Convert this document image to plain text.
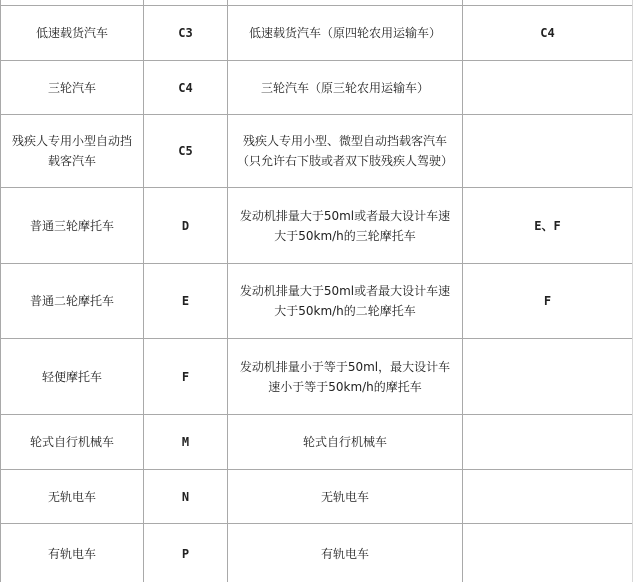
低速载货汽车	C3	低速载货汽车（原四轮农用运输车）	C4
三轮汽车	C4	三轮汽车（原三轮农用运输车）	
残疾人专用小型自动挡载客汽车	C5	残疾人专用小型、微型自动挡载客汽车（只允许右下肢或者双下肢残疾人驾驶）	
普通三轮摩托车	D	发动机排量大于50ml或者最大设计车速大于50km/h的三轮摩托车	E、F
普通二轮摩托车	E	发动机排量大于50ml或者最大设计车速大于50km/h的二轮摩托车	F
轻便摩托车	F	发动机排量小于等于50ml，最大设计车速小于等于50km/h的摩托车	
轮式自行机械车	M	轮式自行机械车	
无轨电车	N	无轨电车	
有轨电车	P	有轨电车	
